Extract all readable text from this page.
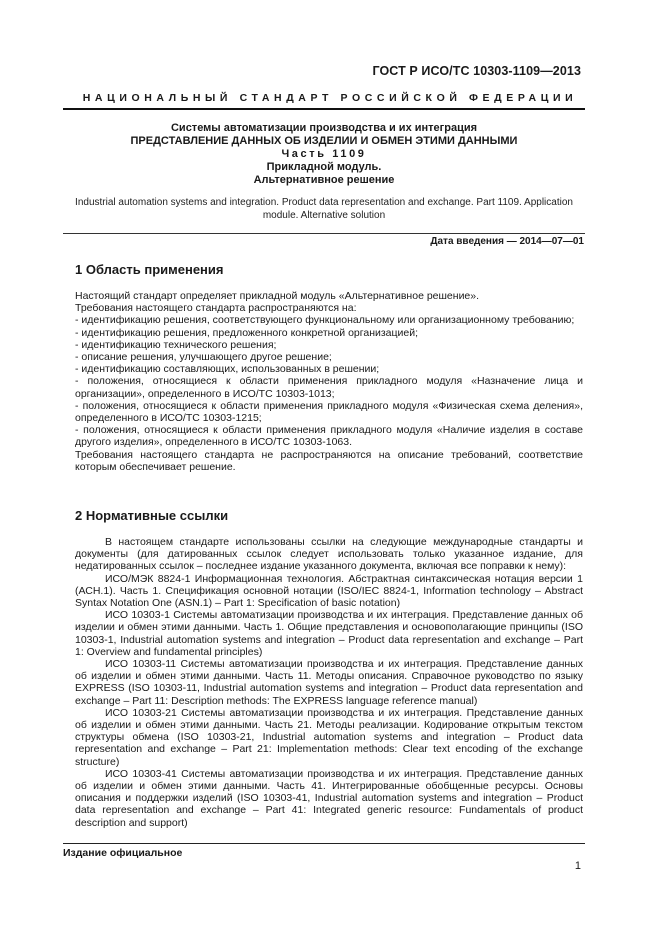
ГОСТ Р ИСО/ТС 10303-1109—2013
НАЦИОНАЛЬНЫЙ СТАНДАРТ РОССИЙСКОЙ ФЕДЕРАЦИИ
Системы автоматизации производства и их интеграция
ПРЕДСТАВЛЕНИЕ ДАННЫХ ОБ ИЗДЕЛИИ И ОБМЕН ЭТИМИ ДАННЫМИ
Часть 1109
Прикладной модуль.
Альтернативное решение
Industrial automation systems and integration. Product data representation and exchange. Part 1109. Application module. Alternative solution
Дата введения — 2014—07—01
1 Область применения

Настоящий стандарт определяет прикладной модуль «Альтернативное решение».

Требования настоящего стандарта распространяются на:

- идентификацию решения, соответствующего функциональному или организационному требованию;

- идентификацию решения, предложенного конкретной организацией;

- идентификацию технического решения;

- описание решения, улучшающего другое решение;

- идентификацию составляющих, использованных в решении;

- положения, относящиеся к области применения прикладного модуля «Назначение лица и организации», определенного в ИСО/ТС 10303-1013;

- положения, относящиеся к области применения прикладного модуля «Физическая схема деления», определенного в ИСО/ТС 10303-1215;

- положения, относящиеся к области применения прикладного модуля «Наличие изделия в составе другого изделия», определенного в ИСО/ТС 10303-1063.

Требования настоящего стандарта не распространяются на описание требований, соответствие которым обеспечивает решение.

2 Нормативные ссылки

В настоящем стандарте использованы ссылки на следующие международные стандарты и документы (для датированных ссылок следует использовать только указанное издание, для недатированных ссылок – последнее издание указанного документа, включая все поправки к нему):

ИСО/МЭК 8824-1 Информационная технология. Абстрактная синтаксическая нотация версии 1 (АСН.1). Часть 1. Спецификация основной нотации (ISO/IEC 8824-1, Information technology – Abstract Syntax Notation One (ASN.1) – Part 1: Specification of basic notation)

ИСО 10303-1 Системы автоматизации производства и их интеграция. Представление данных об изделии и обмен этими данными. Часть 1. Общие представления и основополагающие принципы (ISO 10303-1, Industrial automation systems and integration – Product data representation and exchange – Part 1: Overview and fundamental principles)

ИСО 10303-11 Системы автоматизации производства и их интеграция. Представление данных об изделии и обмен этими данными. Часть 11. Методы описания. Справочное руководство по языку EXPRESS (ISO 10303-11, Industrial automation systems and integration – Product data representation and exchange – Part 11: Description methods: The EXPRESS language reference manual)

ИСО 10303-21 Системы автоматизации производства и их интеграция. Представление данных об изделии и обмен этими данными. Часть 21. Методы реализации. Кодирование открытым текстом структуры обмена (ISO 10303-21, Industrial automation systems and integration – Product data representation and exchange – Part 21: Implementation methods: Clear text encoding of the exchange structure)

ИСО 10303-41 Системы автоматизации производства и их интеграция. Представление данных об изделии и обмен этими данными. Часть 41. Интегрированные обобщенные ресурсы. Основы описания и поддержки изделий (ISO 10303-41, Industrial automation systems and integration – Product data representation and exchange – Part 41: Integrated generic resource: Fundamentals of product description and support)

Издание официальное
1
